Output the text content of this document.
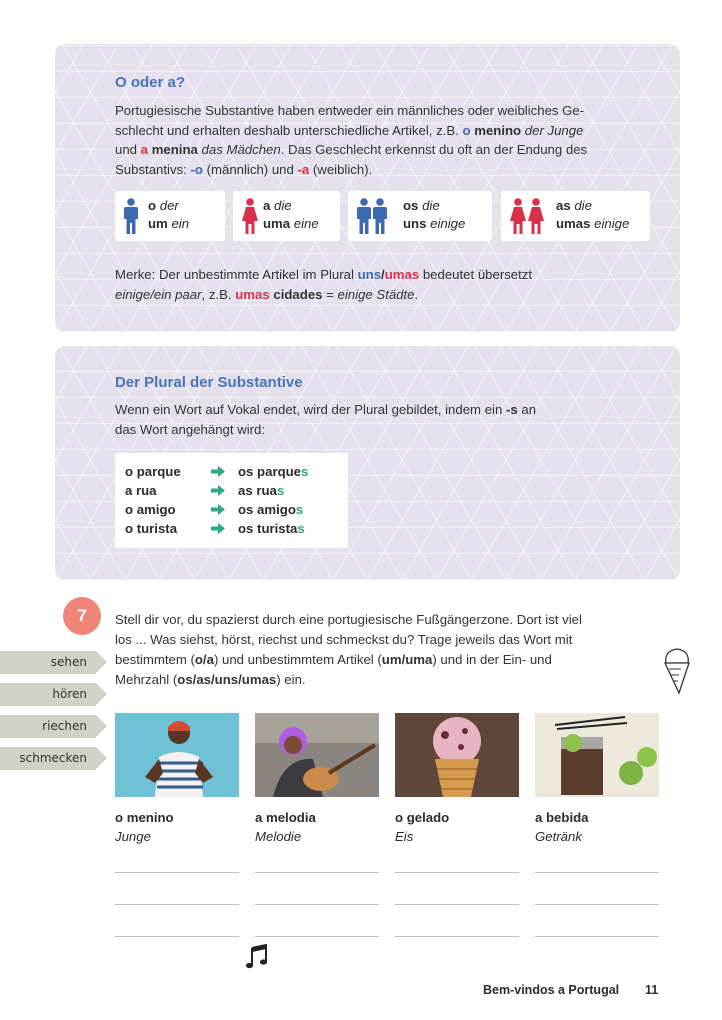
O oder a?
Portugiesische Substantive haben entweder ein männliches oder weibliches Ge-
schlecht und erhalten deshalb unterschiedliche Artikel, z.B. o menino der Junge
und a menina das Mädchen. Das Geschlecht erkennst du oft an der Endung des
Substantivs: -o (männlich) und -a (weiblich).
o der
um ein
a die
uma eine
os die
uns einige
as die
umas einige
Merke: Der unbestimmte Artikel im Plural uns/umas bedeutet übersetzt
einige/ein paar, z.B. umas cidades = einige Städte.
Der Plural der Substantive
Wenn ein Wort auf Vokal endet, wird der Plural gebildet, indem ein -s an
das Wort angehängt wird:
o parque	os parques
a rua	as ruas
o amigo	os amigos
o turista	os turistas
7	Stell dir vor, du spazierst durch eine portugiesische Fußgängerzone. Dort ist viel
los ... Was siehst, hörst, riechst und schmeckst du? Trage jeweils das Wort mit
bestimmtem (o/a) und unbestimmtem Artikel (um/uma) und in der Ein- und
Mehrzahl (os/as/uns/umas) ein.
sehen
hören
riechen
schmecken
o menino
Junge
a melodia
Melodie
o gelado
Eis
a bebida
Getränk
Bem-vindos a Portugal 11
